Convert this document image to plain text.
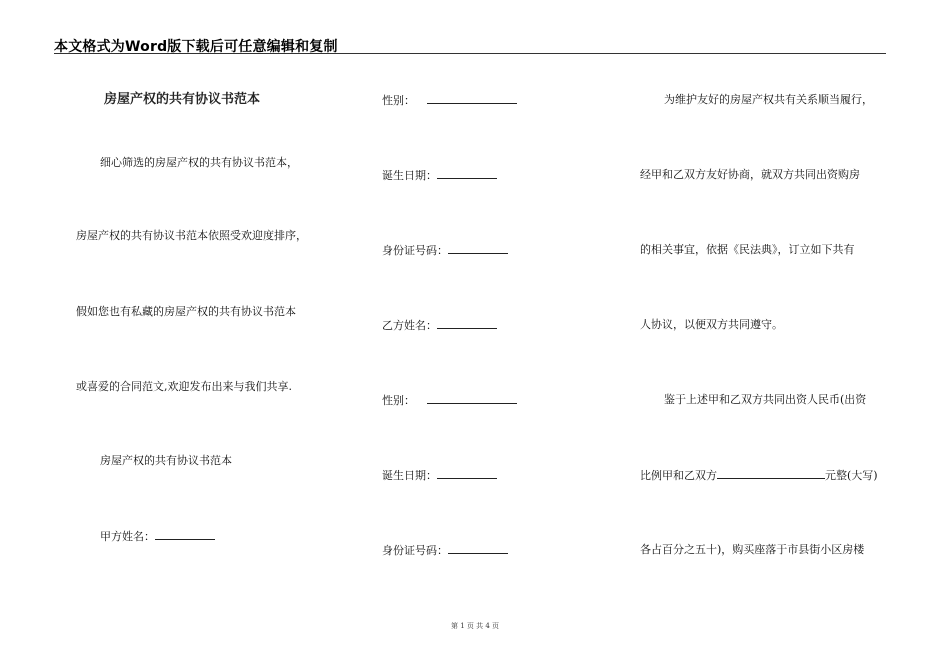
本文格式为Word版下载后可任意编辑和复制
房屋产权的共有协议书范本
细心筛选的房屋产权的共有协议书范本，
房屋产权的共有协议书范本依照受欢迎度排序，
假如您也有私藏的房屋产权的共有协议书范本
或喜爱的合同范文,欢迎发布出来与我们共享.
房屋产权的共有协议书范本
甲方姓名：
性别：
诞生日期：
身份证号码：
乙方姓名：
性别：
诞生日期：
身份证号码：
为维护友好的房屋产权共有关系顺当履行，
经甲和乙双方友好协商，就双方共同出资购房
的相关事宜，依据《民法典》，订立如下共有
人协议，以便双方共同遵守。
鉴于上述甲和乙双方共同出资人民币(出资
比例甲和乙双方	元整(大写)
各占百分之五十)，购买座落于市县街小区房楼
第 1 页 共 4 页
